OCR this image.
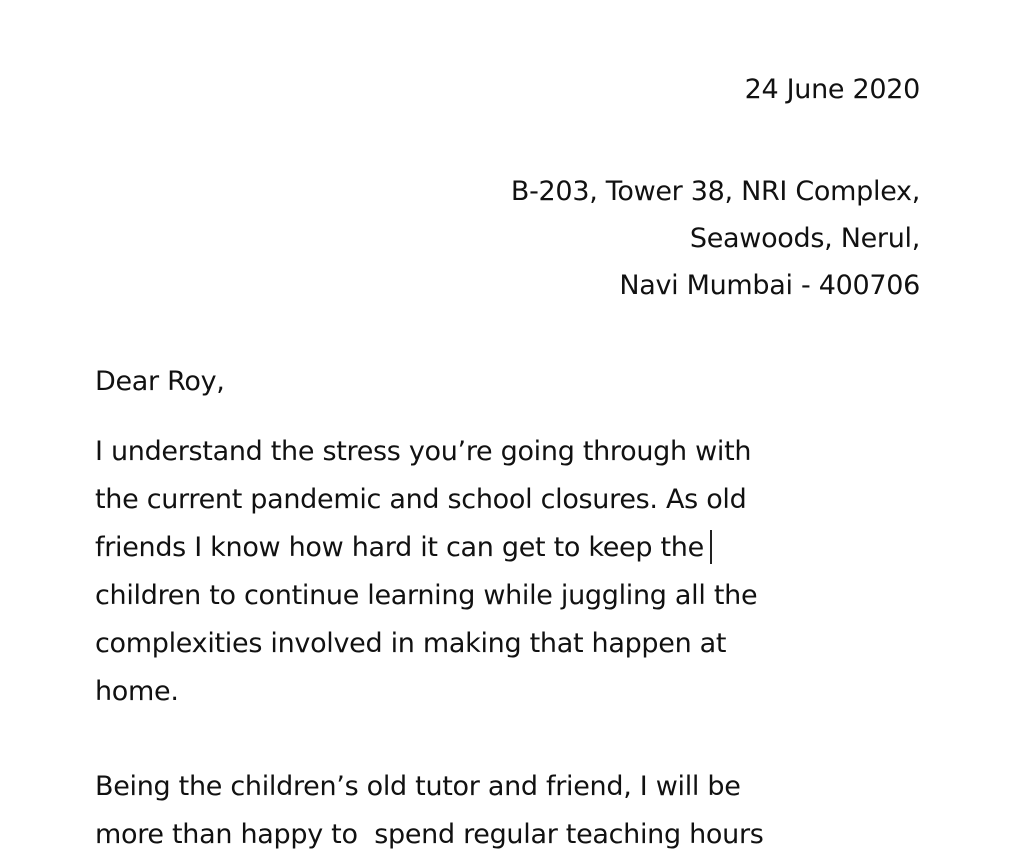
24 June 2020
B-203, Tower 38, NRI Complex,
Seawoods, Nerul,
Navi Mumbai - 400706
Dear Roy,
I understand the stress you’re going through with
the current pandemic and school closures. As old
friends I know how hard it can get to keep the
children to continue learning while juggling all the
complexities involved in making that happen at
home.
Being the children’s old tutor and friend, I will be
more than happy to  spend regular teaching hours
